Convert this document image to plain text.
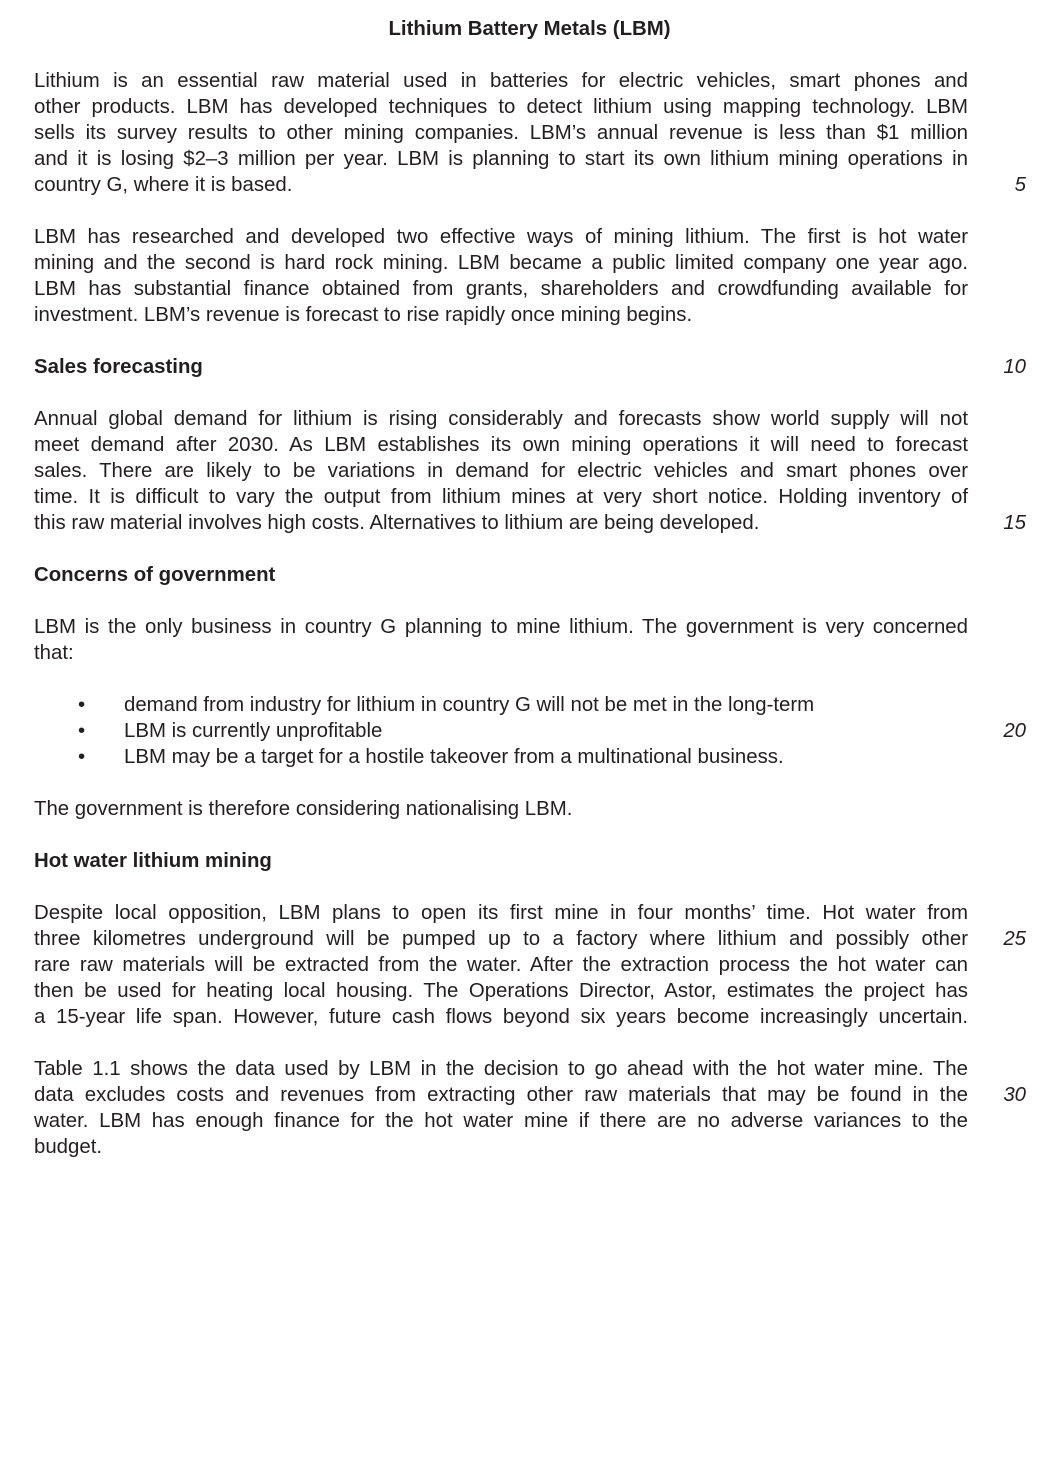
Lithium Battery Metals (LBM)
Lithium is an essential raw material used in batteries for electric vehicles, smart phones and
other products. LBM has developed techniques to detect lithium using mapping technology. LBM
sells its survey results to other mining companies. LBM’s annual revenue is less than $1 million
and it is losing $2–3 million per year. LBM is planning to start its own lithium mining operations in
country G, where it is based.	5
LBM has researched and developed two effective ways of mining lithium. The first is hot water
mining and the second is hard rock mining. LBM became a public limited company one year ago.
LBM has substantial finance obtained from grants, shareholders and crowdfunding available for
investment. LBM’s revenue is forecast to rise rapidly once mining begins.
Sales forecasting	10
Annual global demand for lithium is rising considerably and forecasts show world supply will not
meet demand after 2030. As LBM establishes its own mining operations it will need to forecast
sales. There are likely to be variations in demand for electric vehicles and smart phones over
time. It is difficult to vary the output from lithium mines at very short notice. Holding inventory of
this raw material involves high costs. Alternatives to lithium are being developed.	15
Concerns of government
LBM is the only business in country G planning to mine lithium. The government is very concerned
that:
• demand from industry for lithium in country G will not be met in the long-term
• LBM is currently unprofitable
• LBM may be a target for a hostile takeover from a multinational business.
20
The government is therefore considering nationalising LBM.
Hot water lithium mining
Despite local opposition, LBM plans to open its first mine in four months’ time. Hot water from
three kilometres underground will be pumped up to a factory where lithium and possibly other
rare raw materials will be extracted from the water. After the extraction process the hot water can
then be used for heating local housing. The Operations Director, Astor, estimates the project has
a 15-year life span. However, future cash flows beyond six years become increasingly uncertain.
25
Table 1.1 shows the data used by LBM in the decision to go ahead with the hot water mine. The
data excludes costs and revenues from extracting other raw materials that may be found in the
water. LBM has enough finance for the hot water mine if there are no adverse variances to the
budget.
30
